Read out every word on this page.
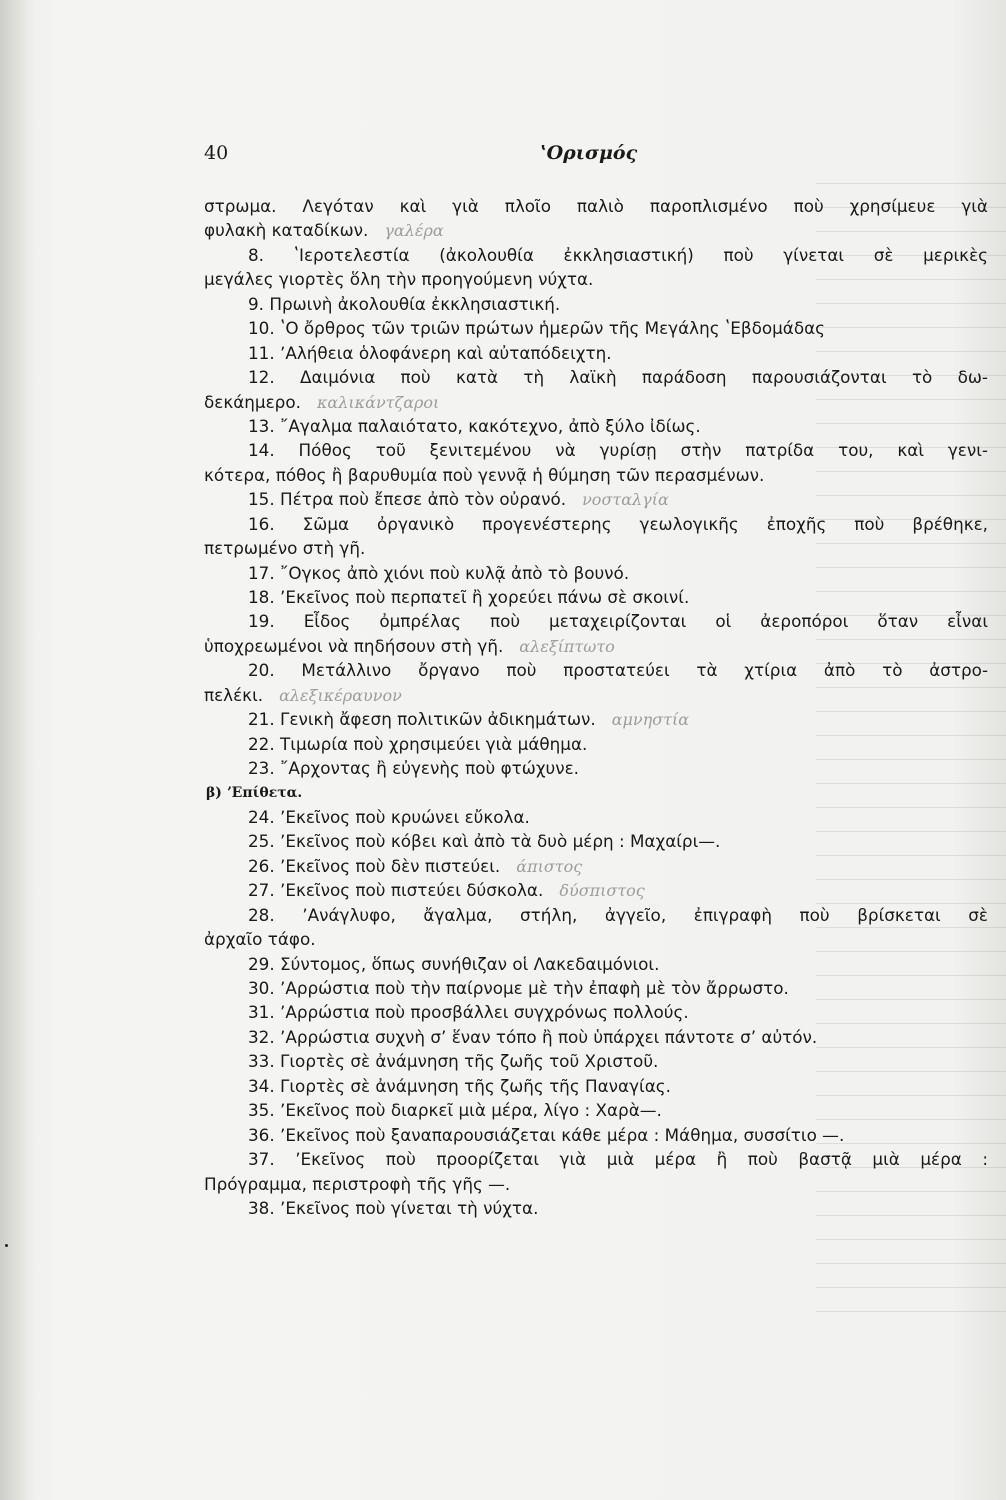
40	ʽΟρισμός
στρωμα. Λεγόταν καὶ γιὰ πλοῖο παλιὸ παροπλισμένο ποὺ χρησίμευε γιὰ
φυλακὴ καταδίκων. γαλέρα
8. ʽΙεροτελεστία (ἀκολουθία ἐκκλησιαστική) ποὺ γίνεται σὲ μερικὲς
μεγάλες γιορτὲς ὅλη τὴν προηγούμενη νύχτα.
9. Πρωινὴ ἀκολουθία ἐκκλησιαστική.
10. ʽΟ ὄρθρος τῶν τριῶν πρώτων ἡμερῶν τῆς Μεγάλης ʽΕβδομάδας
11. ʼΑλήθεια ὁλοφάνερη καὶ αὐταπόδειχτη.
12. Δαιμόνια ποὺ κατὰ τὴ λαϊκὴ παράδοση παρουσιάζονται τὸ δω-
δεκάημερο. καλικάντζαροι
13. ῎Αγαλμα παλαιότατο, κακότεχνο, ἀπὸ ξύλο ἰδίως.
14. Πόθος τοῦ ξενιτεμένου νὰ γυρίσῃ στὴν πατρίδα του, καὶ γενι-
κότερα, πόθος ἢ βαρυθυμία ποὺ γεννᾷ ἡ θύμηση τῶν περασμένων.
15. Πέτρα ποὺ ἔπεσε ἀπὸ τὸν οὐρανό. νοσταλγία
16. Σῶμα ὀργανικὸ προγενέστερης γεωλογικῆς ἐποχῆς ποὺ βρέθηκε,
πετρωμένο στὴ γῆ.
17. ῎Ογκος ἀπὸ χιόνι ποὺ κυλᾷ ἀπὸ τὸ βουνό.
18. ʼΕκεῖνος ποὺ περπατεῖ ἢ χορεύει πάνω σὲ σκοινί.
19. Εἶδος ὀμπρέλας ποὺ μεταχειρίζονται οἱ ἀεροπόροι ὅταν εἶναι
ὑποχρεωμένοι νὰ πηδήσουν στὴ γῆ. αλεξίπτωτο
20. Μετάλλινο ὄργανο ποὺ προστατεύει τὰ χτίρια ἀπὸ τὸ ἀστρο-
πελέκι. αλεξικέραυνον
21. Γενικὴ ἄφεση πολιτικῶν ἀδικημάτων. αμνηστία
22. Τιμωρία ποὺ χρησιμεύει γιὰ μάθημα.
23. ῎Αρχοντας ἢ εὐγενὴς ποὺ φτώχυνε.
β) ʼΕπίθετα.
24. ʼΕκεῖνος ποὺ κρυώνει εὔκολα.
25. ʼΕκεῖνος ποὺ κόβει καὶ ἀπὸ τὰ δυὸ μέρη : Μαχαίρι—.
26. ʼΕκεῖνος ποὺ δὲν πιστεύει. άπιστος
27. ʼΕκεῖνος ποὺ πιστεύει δύσκολα. δύσπιστος
28. ʼΑνάγλυφο, ἄγαλμα, στήλη, ἀγγεῖο, ἐπιγραφὴ ποὺ βρίσκεται σὲ
ἀρχαῖο τάφο.
29. Σύντομος, ὅπως συνήθιζαν οἱ Λακεδαιμόνιοι.
30. ʼΑρρώστια ποὺ τὴν παίρνομε μὲ τὴν ἐπαφὴ μὲ τὸν ἄρρωστο.
31. ʼΑρρώστια ποὺ προσβάλλει συγχρόνως πολλούς.
32. ʼΑρρώστια συχνὴ σ’ ἕναν τόπο ἢ ποὺ ὑπάρχει πάντοτε σ’ αὐτόν.
33. Γιορτὲς σὲ ἀνάμνηση τῆς ζωῆς τοῦ Χριστοῦ.
34. Γιορτὲς σὲ ἀνάμνηση τῆς ζωῆς τῆς Παναγίας.
35. ʼΕκεῖνος ποὺ διαρκεῖ μιὰ μέρα, λίγο : Χαρὰ—.
36. ʼΕκεῖνος ποὺ ξαναπαρουσιάζεται κάθε μέρα : Μάθημα, συσσίτιο —.
37. ʼΕκεῖνος ποὺ προορίζεται γιὰ μιὰ μέρα ἢ ποὺ βαστᾷ μιὰ μέρα :
Πρόγραμμα, περιστροφὴ τῆς γῆς —.
38. ʼΕκεῖνος ποὺ γίνεται τὴ νύχτα.
